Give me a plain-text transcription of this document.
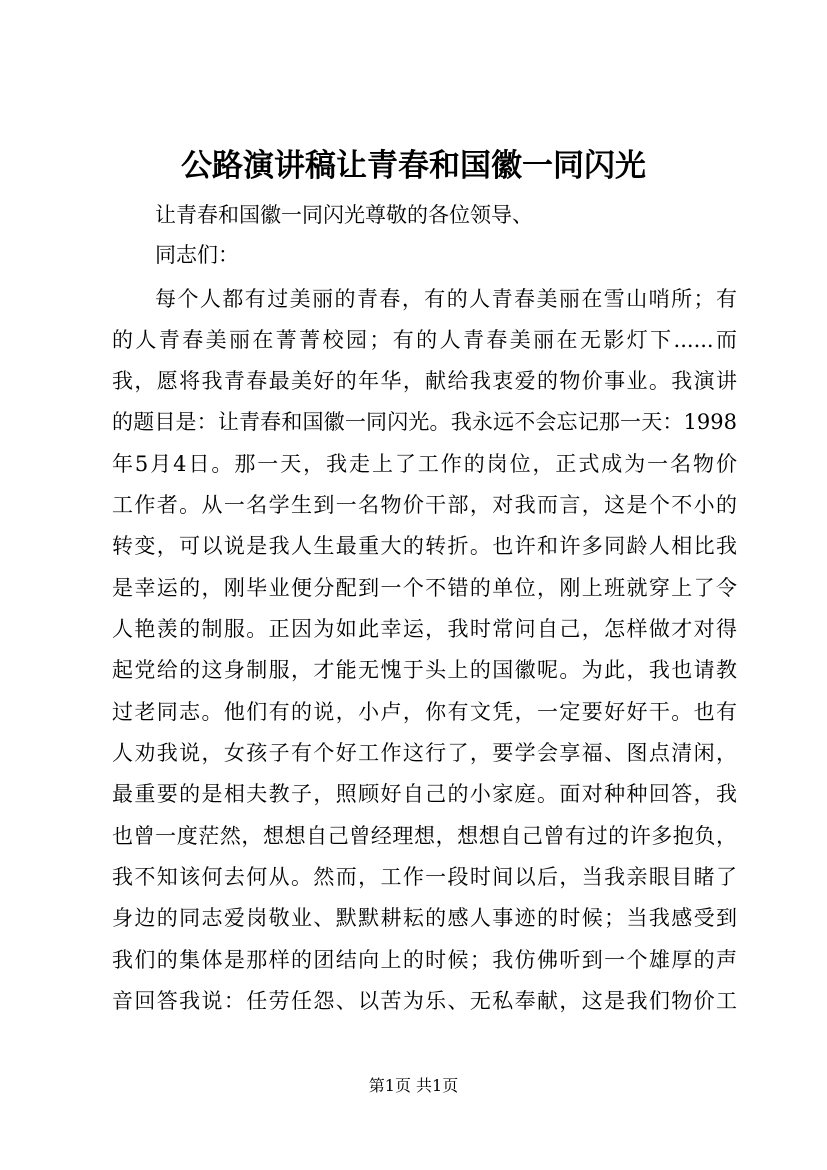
公路演讲稿让青春和国徽一同闪光

让青春和国徽一同闪光尊敬的各位领导、

同志们：

每个人都有过美丽的青春，有的人青春美丽在雪山哨所；有

的人青春美丽在菁菁校园；有的人青春美丽在无影灯下......而

我，愿将我青春最美好的年华，献给我衷爱的物价事业。我演讲

的题目是：让青春和国徽一同闪光。我永远不会忘记那一天：1998

年5月4日。那一天，我走上了工作的岗位，正式成为一名物价

工作者。从一名学生到一名物价干部，对我而言，这是个不小的

转变，可以说是我人生最重大的转折。也许和许多同龄人相比我

是幸运的，刚毕业便分配到一个不错的单位，刚上班就穿上了令

人艳羡的制服。正因为如此幸运，我时常问自己，怎样做才对得

起党给的这身制服，才能无愧于头上的国徽呢。为此，我也请教

过老同志。他们有的说，小卢，你有文凭，一定要好好干。也有

人劝我说，女孩子有个好工作这行了，要学会享福、图点清闲，

最重要的是相夫教子，照顾好自己的小家庭。面对种种回答，我

也曾一度茫然，想想自己曾经理想，想想自己曾有过的许多抱负，

我不知该何去何从。然而，工作一段时间以后，当我亲眼目睹了

身边的同志爱岗敬业、默默耕耘的感人事迹的时候；当我感受到

我们的集体是那样的团结向上的时候；我仿佛听到一个雄厚的声

音回答我说：任劳任怨、以苦为乐、无私奉献，这是我们物价工

第1页 共1页
